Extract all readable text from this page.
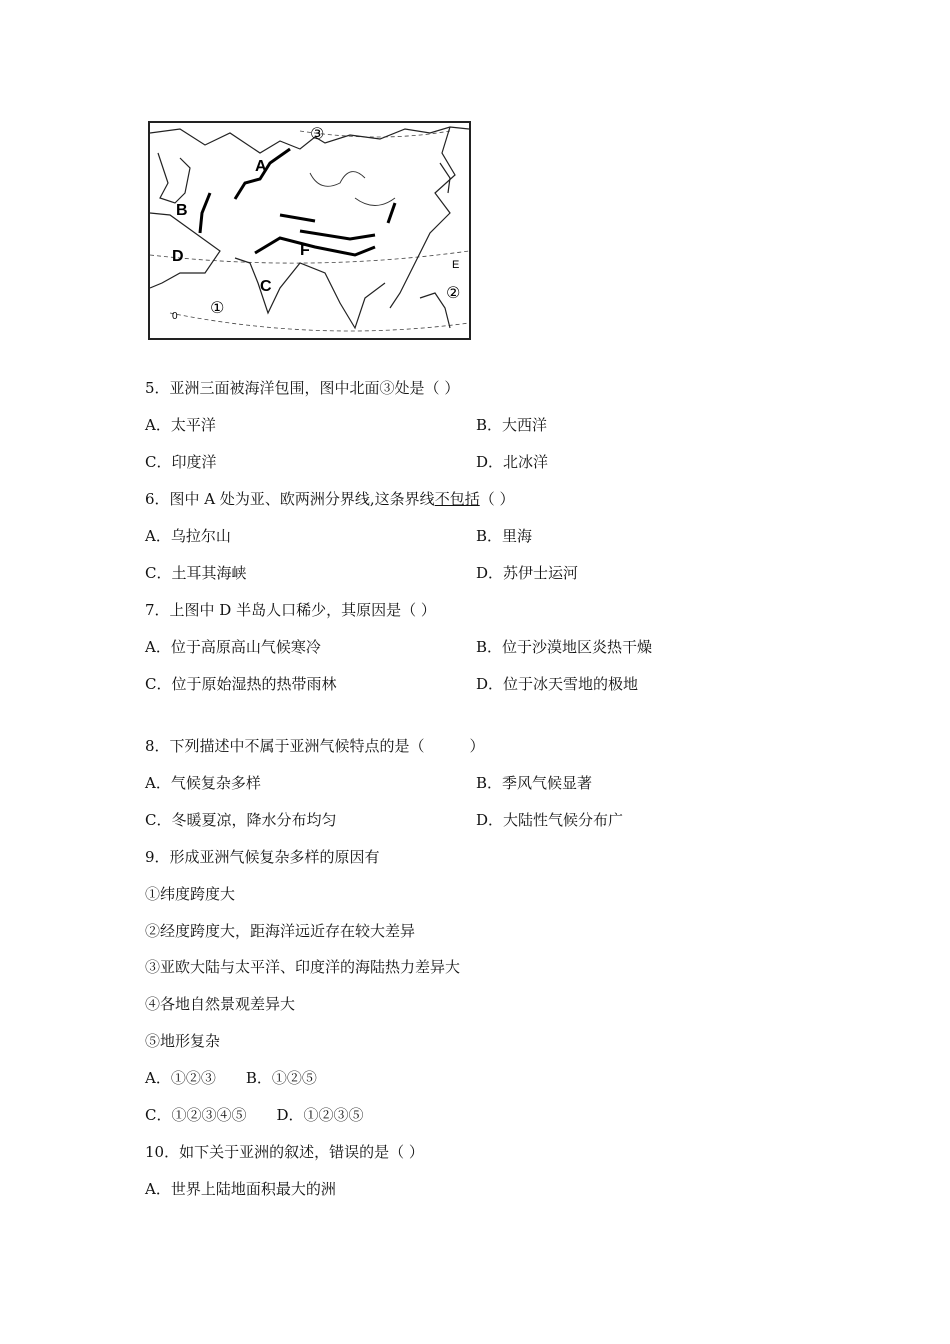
A
B
D
C
F
E
①
②
③
0
5．亚洲三面被海洋包围，图中北面③处是（ ）
A．太平洋	B．大西洋
C．印度洋	D．北冰洋
6．图中 A 处为亚、欧两洲分界线,这条界线不包括（ ）
A．乌拉尔山	B．里海
C．土耳其海峡	D．苏伊士运河
7．上图中 D 半岛人口稀少，其原因是（ ）
A．位于高原高山气候寒冷	B．位于沙漠地区炎热干燥
C．位于原始湿热的热带雨林	D．位于冰天雪地的极地
8．下列描述中不属于亚洲气候特点的是（　　　）
A．气候复杂多样	B．季风气候显著
C．冬暖夏凉，降水分布均匀	D．大陆性气候分布广
9．形成亚洲气候复杂多样的原因有
①纬度跨度大
②经度跨度大，距海洋远近存在较大差异
③亚欧大陆与太平洋、印度洋的海陆热力差异大
④各地自然景观差异大
⑤地形复杂
A．①②③　　B．①②⑤
C．①②③④⑤　　D．①②③⑤
10．如下关于亚洲的叙述，错误的是（ ）
A．世界上陆地面积最大的洲
